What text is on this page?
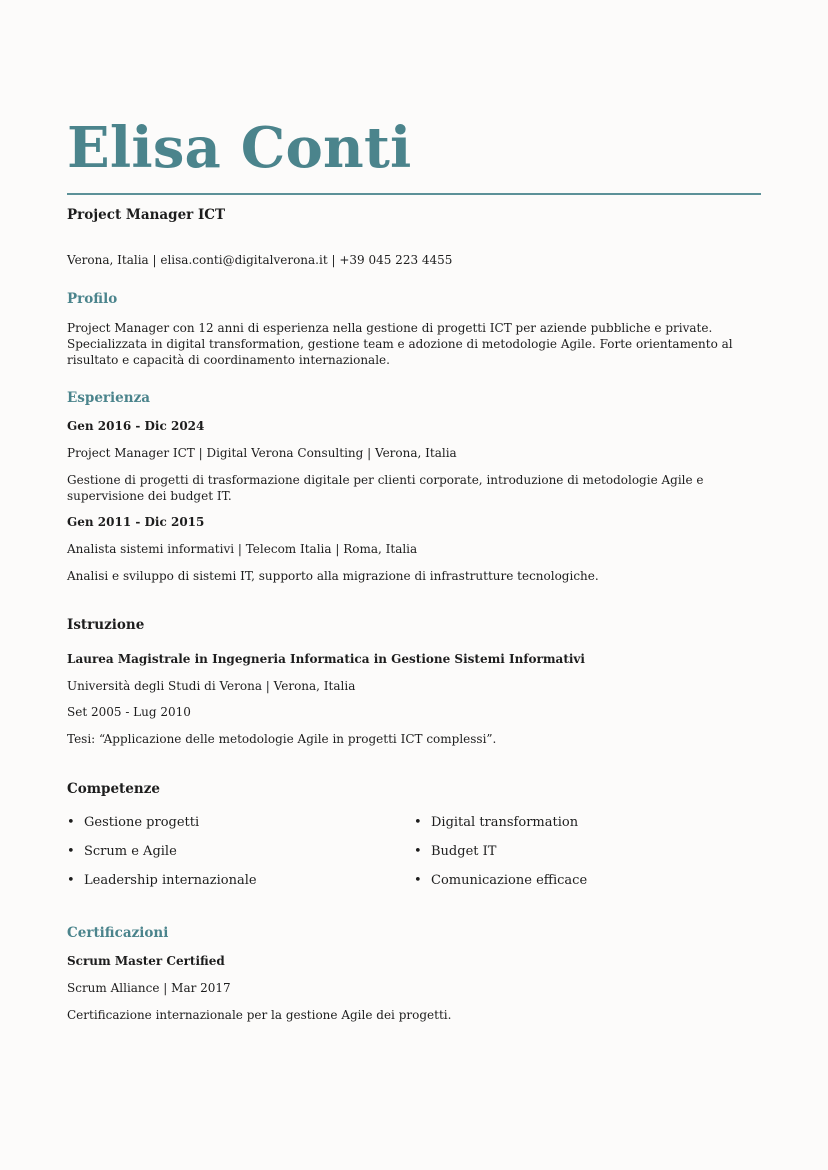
Elisa Conti
Project Manager ICT
Verona, Italia | elisa.conti@digitalverona.it | +39 045 223 4455
Profilo
Project Manager con 12 anni di esperienza nella gestione di progetti ICT per aziende pubbliche e private. Specializzata in digital transformation, gestione team e adozione di metodologie Agile. Forte orientamento al risultato e capacità di coordinamento internazionale.
Esperienza
Gen 2016 - Dic 2024
Project Manager ICT | Digital Verona Consulting | Verona, Italia
Gestione di progetti di trasformazione digitale per clienti corporate, introduzione di metodologie Agile e supervisione dei budget IT.
Gen 2011 - Dic 2015
Analista sistemi informativi | Telecom Italia | Roma, Italia
Analisi e sviluppo di sistemi IT, supporto alla migrazione di infrastrutture tecnologiche.
Istruzione
Laurea Magistrale in Ingegneria Informatica in Gestione Sistemi Informativi
Università degli Studi di Verona | Verona, Italia
Set 2005 - Lug 2010
Tesi: “Applicazione delle metodologie Agile in progetti ICT complessi”.
Competenze
• Gestione progetti	• Digital transformation
• Scrum e Agile	• Budget IT
• Leadership internazionale	• Comunicazione efficace
Certificazioni
Scrum Master Certified
Scrum Alliance | Mar 2017
Certificazione internazionale per la gestione Agile dei progetti.
